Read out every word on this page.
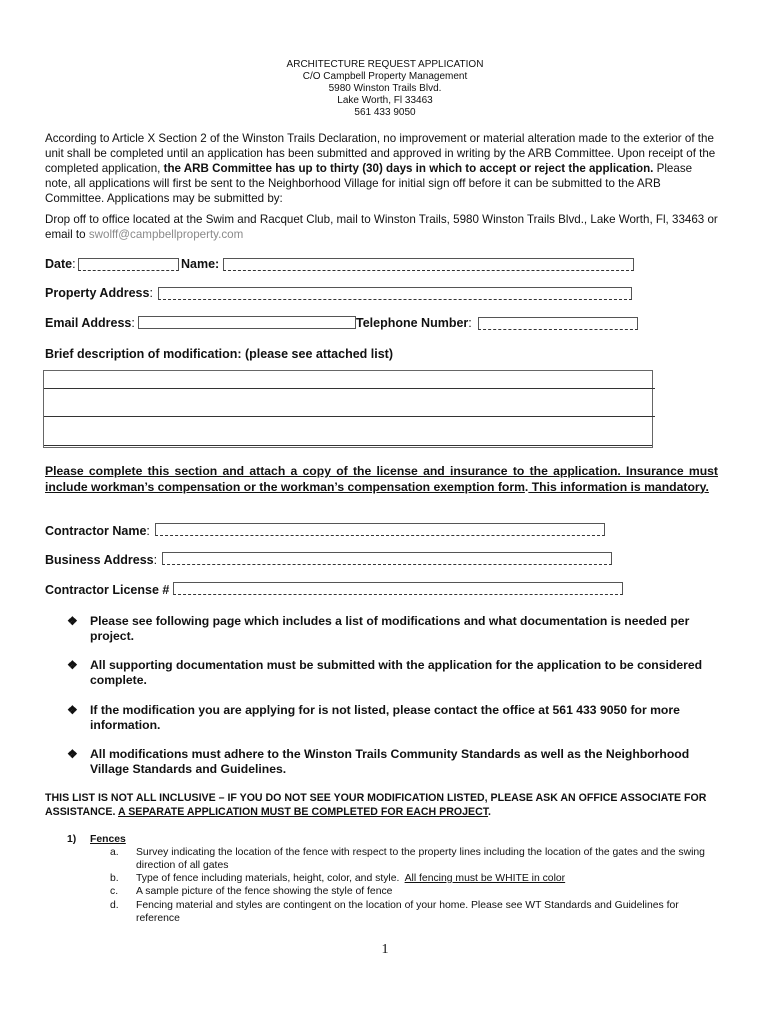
ARCHITECTURE REQUEST APPLICATION
C/O Campbell Property Management
5980 Winston Trails Blvd.
Lake Worth, Fl 33463
561 433 9050
According to Article X Section 2 of the Winston Trails Declaration, no improvement or material alteration made to the exterior of the unit shall be completed until an application has been submitted and approved in writing by the ARB Committee. Upon receipt of the completed application, the ARB Committee has up to thirty (30) days in which to accept or reject the application. Please note, all applications will first be sent to the Neighborhood Village for initial sign off before it can be submitted to the ARB Committee. Applications may be submitted by:
Drop off to office located at the Swim and Racquet Club, mail to Winston Trails, 5980 Winston Trails Blvd., Lake Worth, Fl, 33463 or email to swolff@campbellproperty.com
Date:	Name:
Property Address:
Email Address:	Telephone Number:
Brief description of modification: (please see attached list)
Please complete this section and attach a copy of the license and insurance to the application. Insurance must include workman’s compensation or the workman’s compensation exemption form. This information is mandatory.
Contractor Name:
Business Address:
Contractor License #
❖ Please see following page which includes a list of modifications and what documentation is needed per project.
❖ All supporting documentation must be submitted with the application for the application to be considered complete.
❖ If the modification you are applying for is not listed, please contact the office at 561 433 9050 for more information.
❖ All modifications must adhere to the Winston Trails Community Standards as well as the Neighborhood Village Standards and Guidelines.
THIS LIST IS NOT ALL INCLUSIVE – IF YOU DO NOT SEE YOUR MODIFICATION LISTED, PLEASE ASK AN OFFICE ASSOCIATE FOR ASSISTANCE. A SEPARATE APPLICATION MUST BE COMPLETED FOR EACH PROJECT.
1) Fences
a. Survey indicating the location of the fence with respect to the property lines including the location of the gates and the swing direction of all gates
b. Type of fence including materials, height, color, and style. All fencing must be WHITE in color
c. A sample picture of the fence showing the style of fence
d. Fencing material and styles are contingent on the location of your home. Please see WT Standards and Guidelines for reference
1
